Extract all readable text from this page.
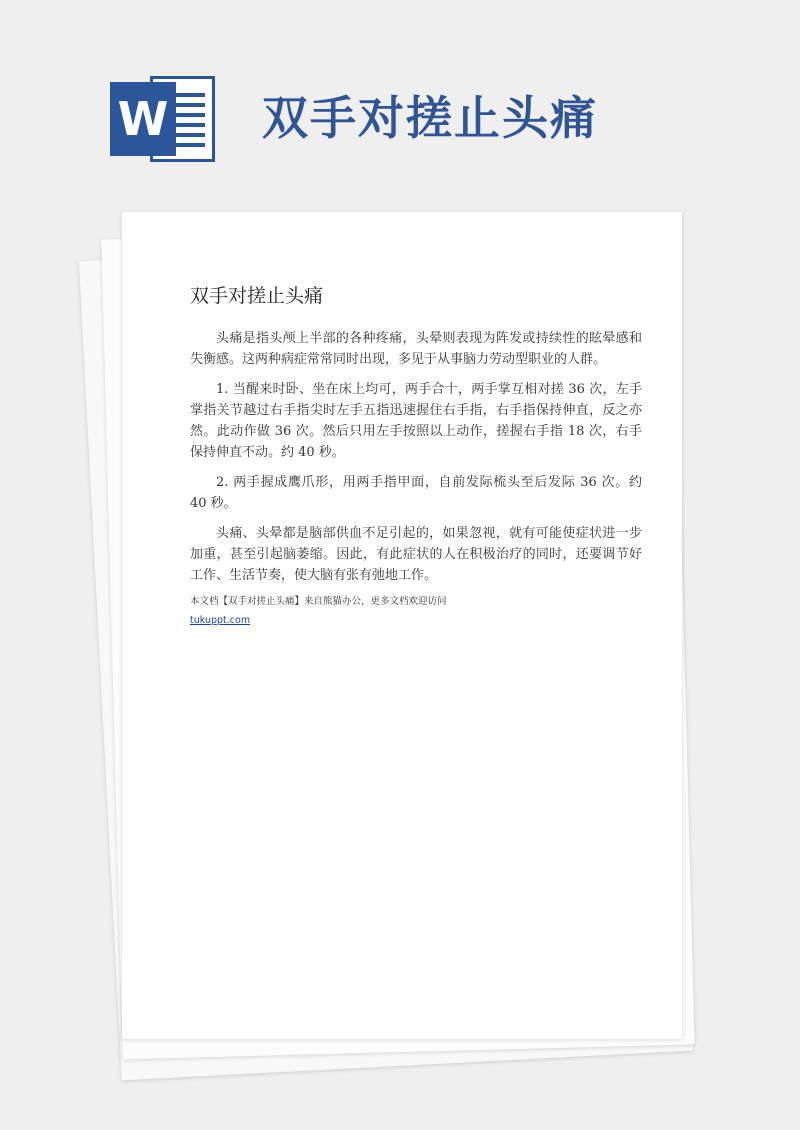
W 双手对搓止头痛
双手对搓止头痛

头痛是指头颅上半部的各种疼痛，头晕则表现为阵发或持续性的眩晕感和失衡感。这两种病症常常同时出现，多见于从事脑力劳动型职业的人群。

1. 当醒来时卧、坐在床上均可，两手合十，两手掌互相对搓 36 次，左手掌指关节越过右手指尖时左手五指迅速握住右手指，右手指保持伸直，反之亦然。此动作做 36 次。然后只用左手按照以上动作，搓握右手指 18 次，右手保持伸直不动。约 40 秒。

2. 两手握成鹰爪形，用两手指甲面，自前发际梳头至后发际 36 次。约 40 秒。

头痛、头晕都是脑部供血不足引起的，如果忽视，就有可能使症状进一步加重，甚至引起脑萎缩。因此，有此症状的人在积极治疗的同时，还要调节好工作、生活节奏，使大脑有张有弛地工作。

本文档【双手对搓止头痛】来自熊猫办公，更多文档欢迎访问
tukuppt.com
